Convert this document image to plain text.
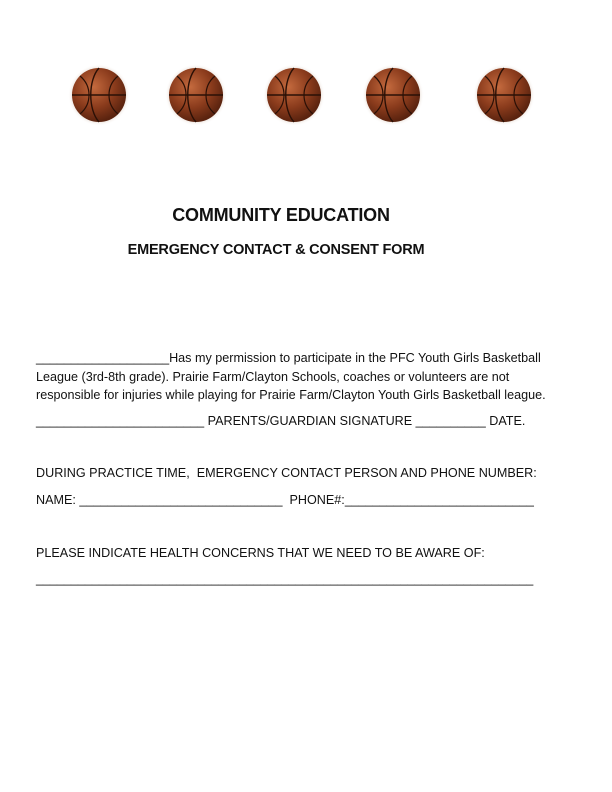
COMMUNITY EDUCATION
EMERGENCY CONTACT & CONSENT FORM
___________________Has my permission to participate in the PFC Youth Girls Basketball
League (3rd-8th grade). Prairie Farm/Clayton Schools, coaches or volunteers are not
responsible for injuries while playing for Prairie Farm/Clayton Youth Girls Basketball league.
________________________ PARENTS/GUARDIAN SIGNATURE __________ DATE.
DURING PRACTICE TIME,  EMERGENCY CONTACT PERSON AND PHONE NUMBER:
NAME: _____________________________  PHONE#:___________________________
PLEASE INDICATE HEALTH CONCERNS THAT WE NEED TO BE AWARE OF:
_______________________________________________________________________
